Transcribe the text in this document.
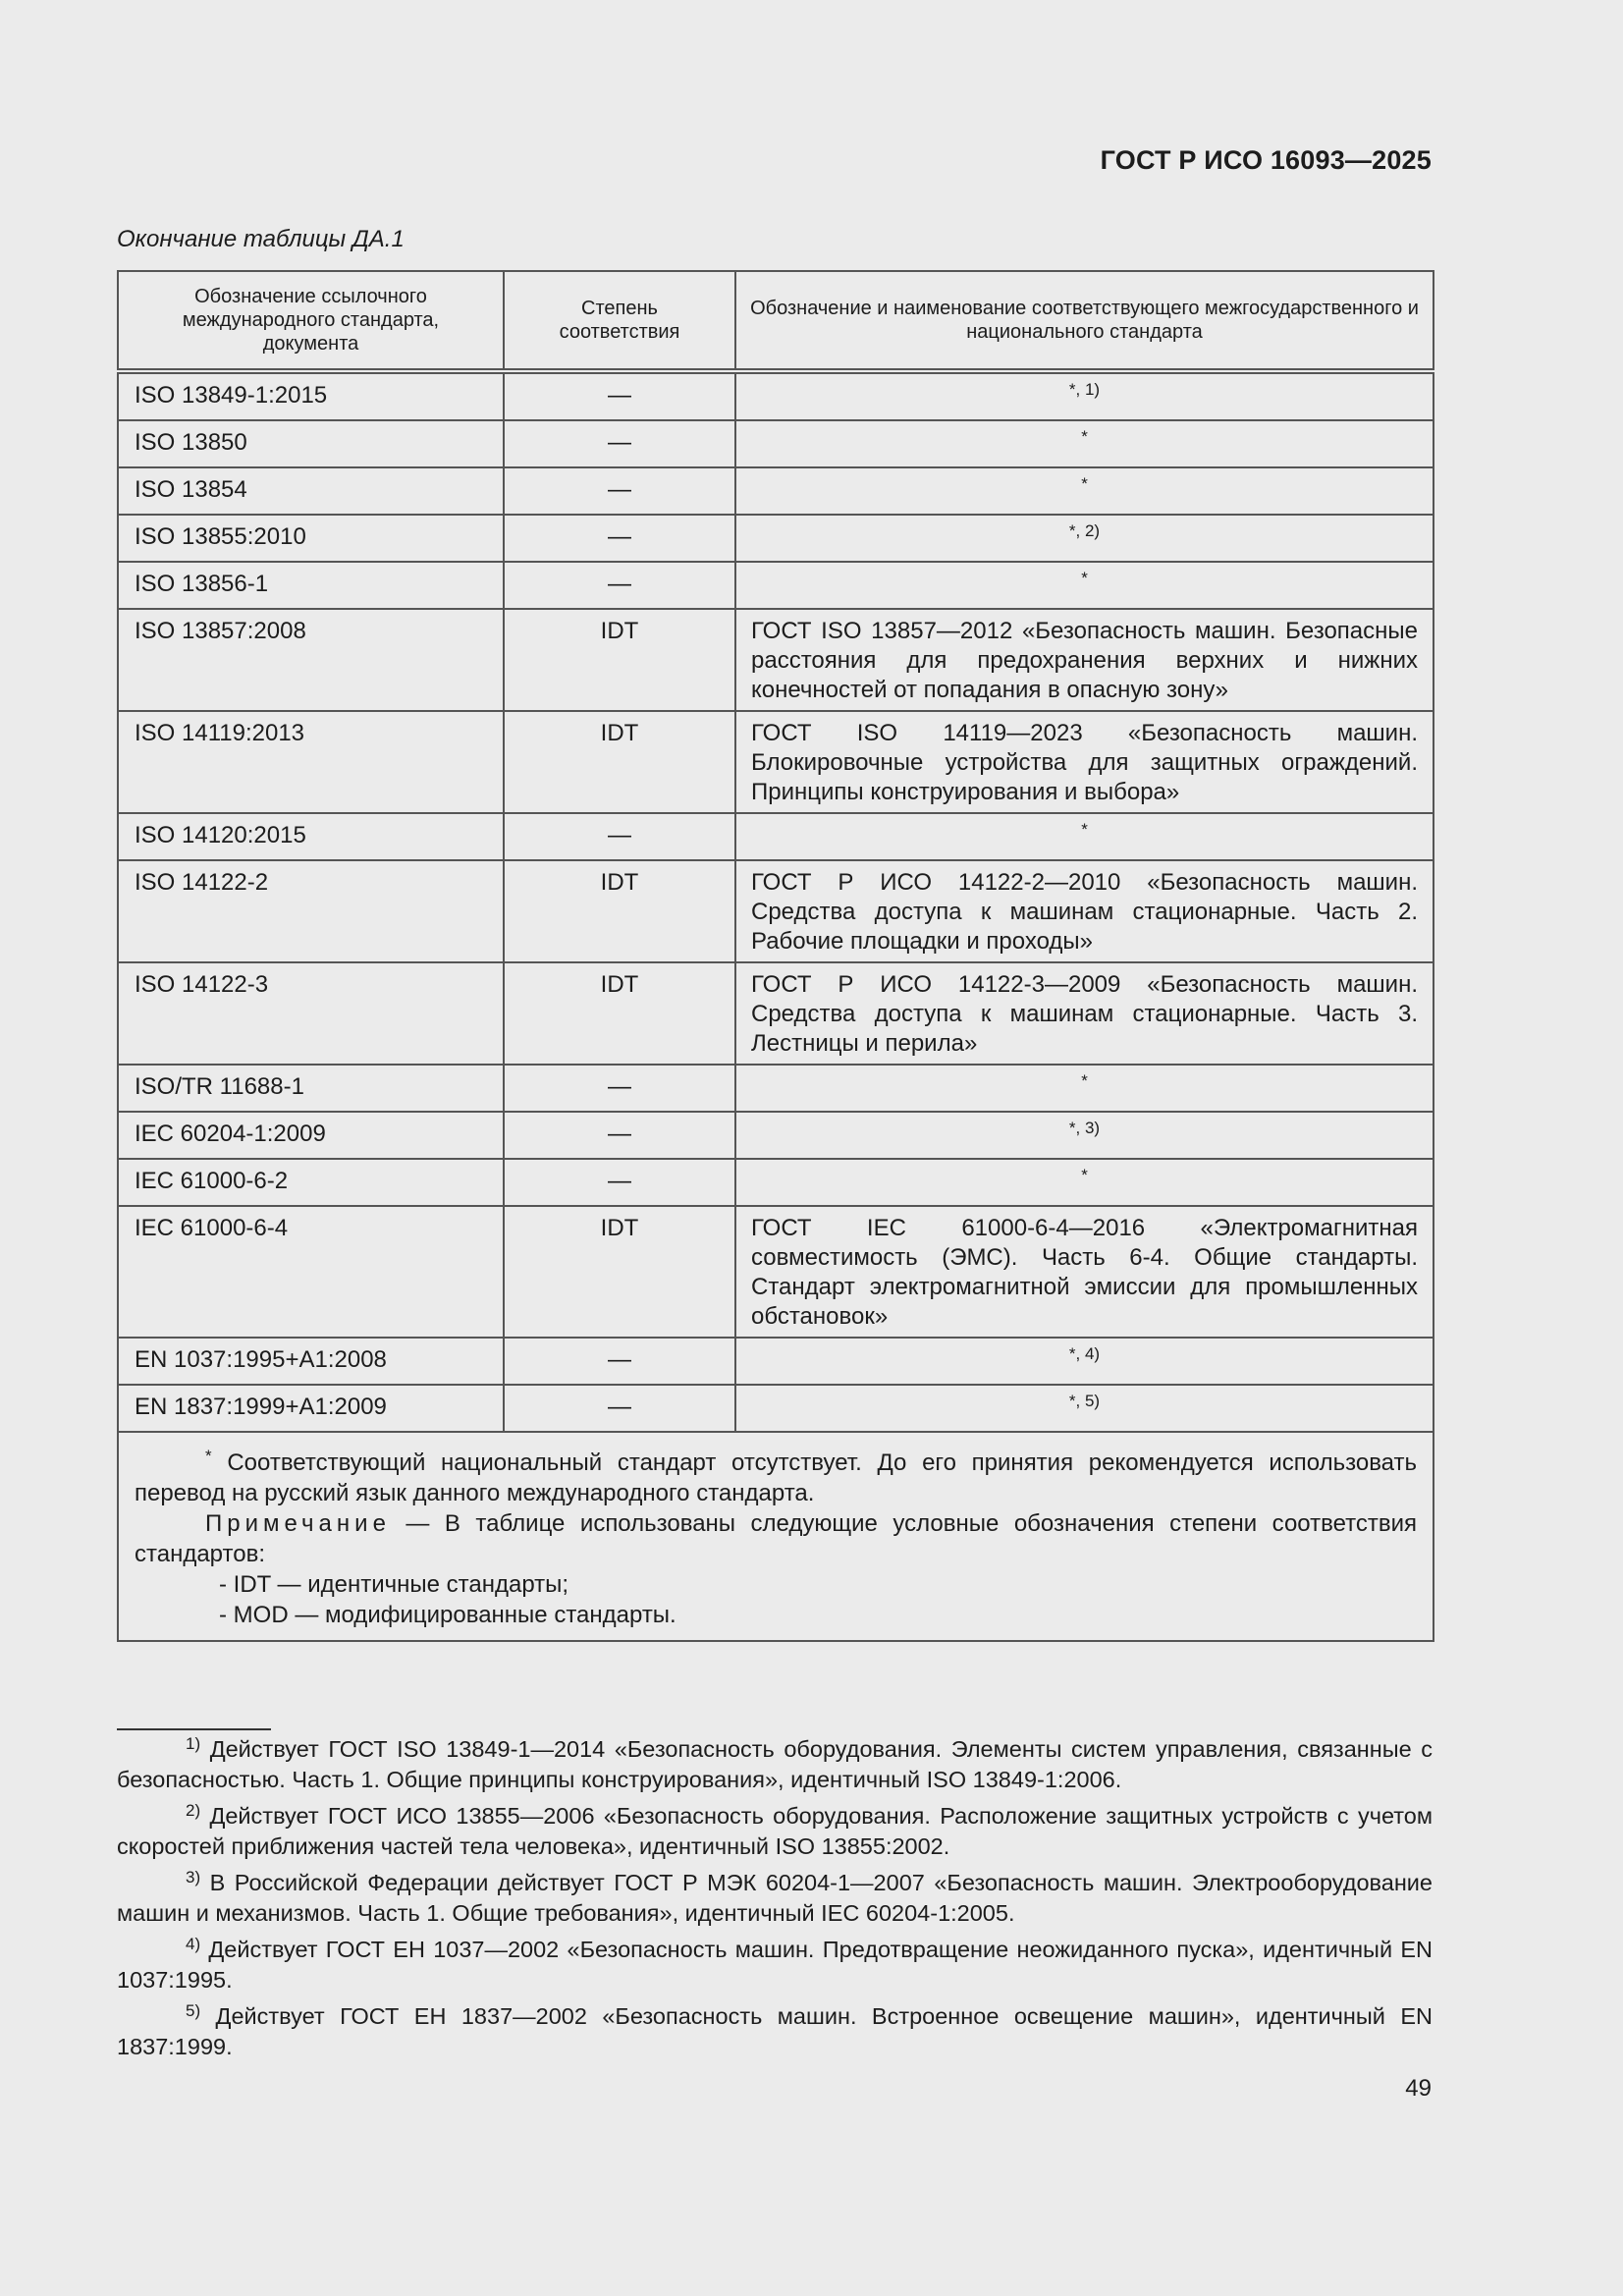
ГОСТ Р ИСО 16093—2025
Окончание таблицы ДА.1
Обозначение ссылочного международного стандарта, документа	Степень соответствия	Обозначение и наименование соответствующего межгосударственного и национального стандарта
ISO 13849-1:2015	—	*, 1)
ISO 13850	—	*
ISO 13854	—	*
ISO 13855:2010	—	*, 2)
ISO 13856-1	—	*
ISO 13857:2008	IDT	ГОСТ ISO 13857—2012 «Безопасность машин. Безопасные расстояния для предохранения верхних и нижних конечностей от попадания в опасную зону»
ISO 14119:2013	IDT	ГОСТ ISO 14119—2023 «Безопасность машин. Блокировочные устройства для защитных ограждений. Принципы конструирования и выбора»
ISO 14120:2015	—	*
ISO 14122-2	IDT	ГОСТ Р ИСО 14122-2—2010 «Безопасность машин. Средства доступа к машинам стационарные. Часть 2. Рабочие площадки и проходы»
ISO 14122-3	IDT	ГОСТ Р ИСО 14122-3—2009 «Безопасность машин. Средства доступа к машинам стационарные. Часть 3. Лестницы и перила»
ISO/TR 11688-1	—	*
IEC 60204-1:2009	—	*, 3)
IEC 61000-6-2	—	*
IEC 61000-6-4	IDT	ГОСТ IEC 61000-6-4—2016 «Электромагнитная совместимость (ЭМС). Часть 6-4. Общие стандарты. Стандарт электромагнитной эмиссии для промышленных обстановок»
EN 1037:1995+A1:2008	—	*, 4)
EN 1837:1999+A1:2009	—	*, 5)

* Соответствующий национальный стандарт отсутствует. До его принятия рекомендуется использовать перевод на русский язык данного международного стандарта.
Примечание — В таблице использованы следующие условные обозначения степени соответствия стандартов:
- IDT — идентичные стандарты;
- MOD — модифицированные стандарты.		
$^{1)}$ Действует ГОСТ ISO 13849-1—2014 «Безопасность оборудования. Элементы систем управления, связанные с безопасностью. Часть 1. Общие принципы конструирования», идентичный ISO 13849-1:2006.
$^{2)}$ Действует ГОСТ ИСО 13855—2006 «Безопасность оборудования. Расположение защитных устройств с учетом скоростей приближения частей тела человека», идентичный ISO 13855:2002.
$^{3)}$ В Российской Федерации действует ГОСТ Р МЭК 60204-1—2007 «Безопасность машин. Электрооборудование машин и механизмов. Часть 1. Общие требования», идентичный IEC 60204-1:2005.
$^{4)}$ Действует ГОСТ ЕН 1037—2002 «Безопасность машин. Предотвращение неожиданного пуска», идентичный EN 1037:1995.
$^{5)}$ Действует ГОСТ ЕН 1837—2002 «Безопасность машин. Встроенное освещение машин», идентичный EN 1837:1999.
49
